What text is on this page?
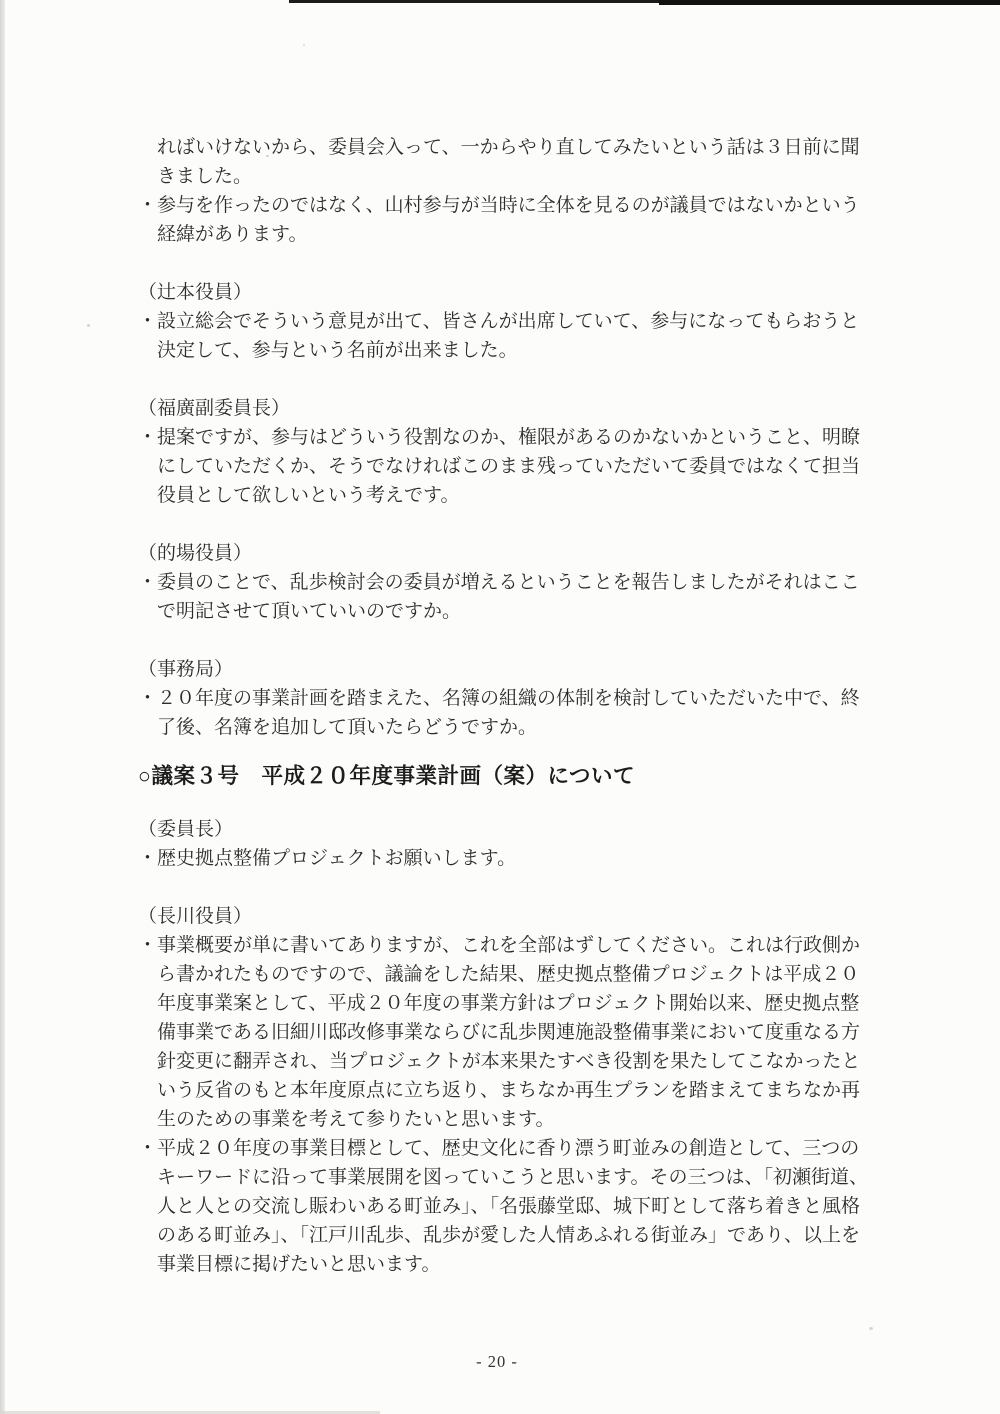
ればいけないから、委員会入って、一からやり直してみたいという話は３日前に聞きました。

・参与を作ったのではなく、山村参与が当時に全体を見るのが議員ではないかという経緯があります。

（辻本役員）

・設立総会でそういう意見が出て、皆さんが出席していて、参与になってもらおうと決定して、参与という名前が出来ました。

（福廣副委員長）

・提案ですが、参与はどういう役割なのか、権限があるのかないかということ、明瞭にしていただくか、そうでなければこのまま残っていただいて委員ではなくて担当役員として欲しいという考えです。

（的場役員）

・委員のことで、乱歩検討会の委員が増えるということを報告しましたがそれはここで明記させて頂いていいのですか。

（事務局）

・２０年度の事業計画を踏まえた、名簿の組織の体制を検討していただいた中で、終了後、名簿を追加して頂いたらどうですか。

○議案３号　平成２０年度事業計画（案）について

（委員長）

・歴史拠点整備プロジェクトお願いします。

（長川役員）

・事業概要が単に書いてありますが、これを全部はずしてください。これは行政側から書かれたものですので、議論をした結果、歴史拠点整備プロジェクトは平成２０年度事業案として、平成２０年度の事業方針はプロジェクト開始以来、歴史拠点整備事業である旧細川邸改修事業ならびに乱歩関連施設整備事業において度重なる方針変更に翻弄され、当プロジェクトが本来果たすべき役割を果たしてこなかったという反省のもと本年度原点に立ち返り、まちなか再生プランを踏まえてまちなか再生のための事業を考えて参りたいと思います。

・平成２０年度の事業目標として、歴史文化に香り漂う町並みの創造として、三つのキーワードに沿って事業展開を図っていこうと思います。その三つは、「初瀬街道、人と人との交流し賑わいある町並み」、「名張藤堂邸、城下町として落ち着きと風格のある町並み」、「江戸川乱歩、乱歩が愛した人情あふれる街並み」であり、以上を事業目標に掲げたいと思います。

- 20 -
